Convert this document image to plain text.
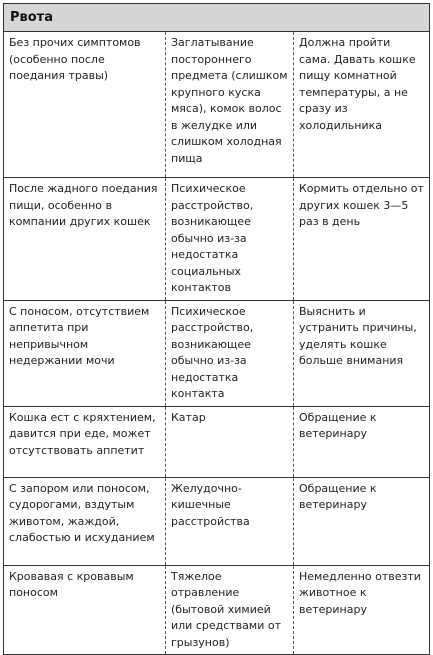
Рвота		

Без прочих симптомов (особенно после поедания травы)	Заглатывание постороннего предмета (слишком крупного куска мяса), комок волос в желудке или слишком холодная пища	Должна пройти сама. Давать кошке пищу комнатной температуры, а не сразу из холодильника

После жадного поедания пищи, особенно в компании других кошек	Психическое расстройство, возникающее обычно из-за недостатка социальных контактов	Кормить отдельно от других кошек 3—5 раз в день

С поносом, отсутствием аппетита при непривычном недержании мочи	Психическое расстройство, возникающее обычно из-за недостатка контакта	Выяснить и устранить причины, уделять кошке больше внимания

Кошка ест с кряхтением, давится при еде, может отсутствовать аппетит	Катар	Обращение к ветеринару

С запором или поносом, судорогами, вздутым животом, жаждой, слабостью и исхуданием	Желудочно-кишечные расстройства	Обращение к ветеринару

Кровавая с кровавым поносом	Тяжелое отравление (бытовой химией или средствами от грызунов)	Немедленно отвезти животное к ветеринару
